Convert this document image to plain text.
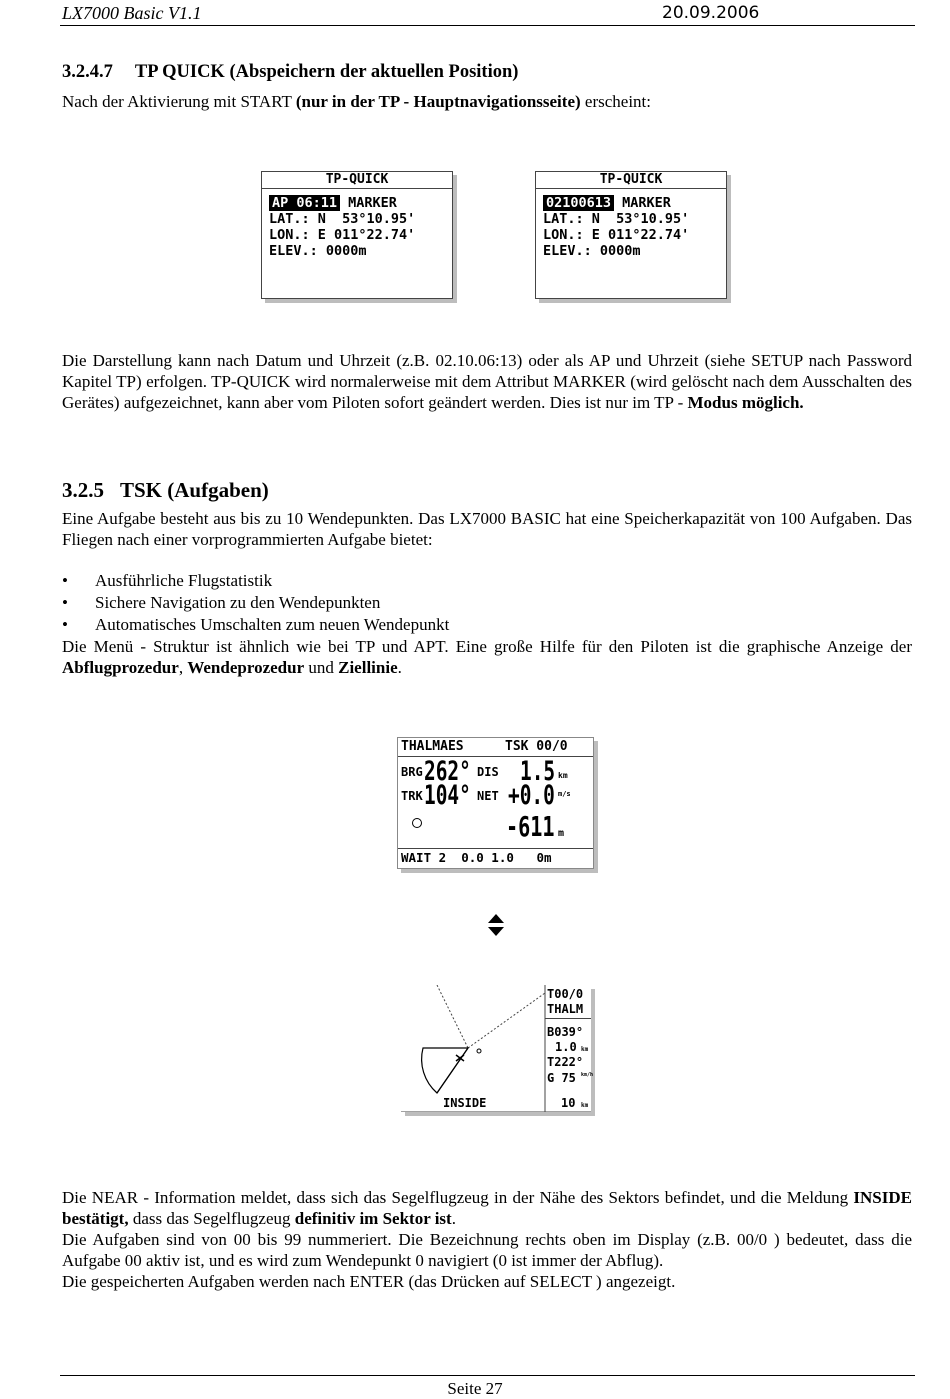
LX7000 Basic V1.1	20.09.2006
3.2.4.7 TP QUICK (Abspeichern der aktuellen Position)
Nach der Aktivierung mit START (nur in der TP - Hauptnavigationsseite) erscheint:
TP-QUICK
AP 06:11 MARKER
LAT.: N  53°10.95'
LON.: E 011°22.74'
ELEV.: 0000m
TP-QUICK
02100613 MARKER
LAT.: N  53°10.95'
LON.: E 011°22.74'
ELEV.: 0000m
Die Darstellung kann nach Datum und Uhrzeit (z.B. 02.10.06:13) oder als AP und Uhrzeit (siehe SETUP nach Password Kapitel TP) erfolgen. TP-QUICK wird normalerweise mit dem Attribut MARKER (wird gelöscht nach dem Ausschalten des Gerätes) aufgezeichnet, kann aber vom Piloten sofort geändert werden. Dies ist nur im TP - Modus möglich.
3.2.5 TSK (Aufgaben)
Eine Aufgabe besteht aus bis zu 10 Wendepunkten. Das LX7000 BASIC hat eine Speicherkapazität von 100 Aufgaben. Das Fliegen nach einer vorprogrammierten Aufgabe bietet:
• Ausführliche Flugstatistik
• Sichere Navigation zu den Wendepunkten
• Automatisches Umschalten zum neuen Wendepunkt
Die Menü - Struktur ist ähnlich wie bei TP und APT. Eine große Hilfe für den Piloten ist die graphische Anzeige der Abflugprozedur, Wendeprozedur und Ziellinie.
THALMAES	TSK 00/0
BRG 262° DIS 1.5 km
TRK 104° NET +0.0 m/s
-611 m
WAIT 2  0.0 1.0   0m
T00/0
THALM
B039°
1.0 km
T222°
G 75 km/h
10 km
INSIDE
Die NEAR - Information meldet, dass sich das Segelflugzeug in der Nähe des Sektors befindet, und die Meldung INSIDE bestätigt, dass das Segelflugzeug definitiv im Sektor ist.
Die Aufgaben sind von 00 bis 99 nummeriert. Die Bezeichnung rechts oben im Display (z.B. 00/0 ) bedeutet, dass die Aufgabe 00 aktiv ist, und es wird zum Wendepunkt 0 navigiert (0 ist immer der Abflug).
Die gespeicherten Aufgaben werden nach ENTER (das Drücken auf SELECT ) angezeigt.
Seite 27
